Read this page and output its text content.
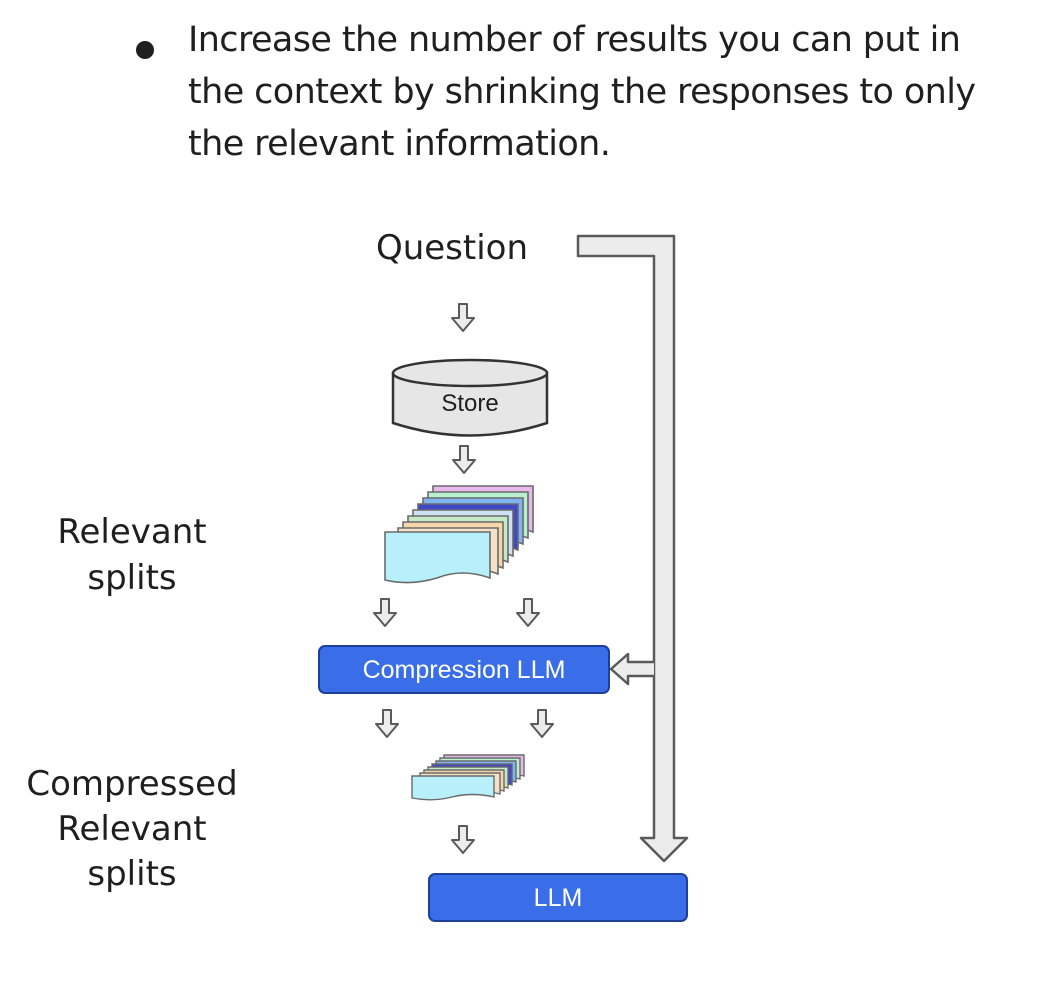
Increase the number of results you can put in
the context by shrinking the responses to only
the relevant information.
Question
Store
Relevant
splits
Compression LLM
Compressed
Relevant
splits
LLM
